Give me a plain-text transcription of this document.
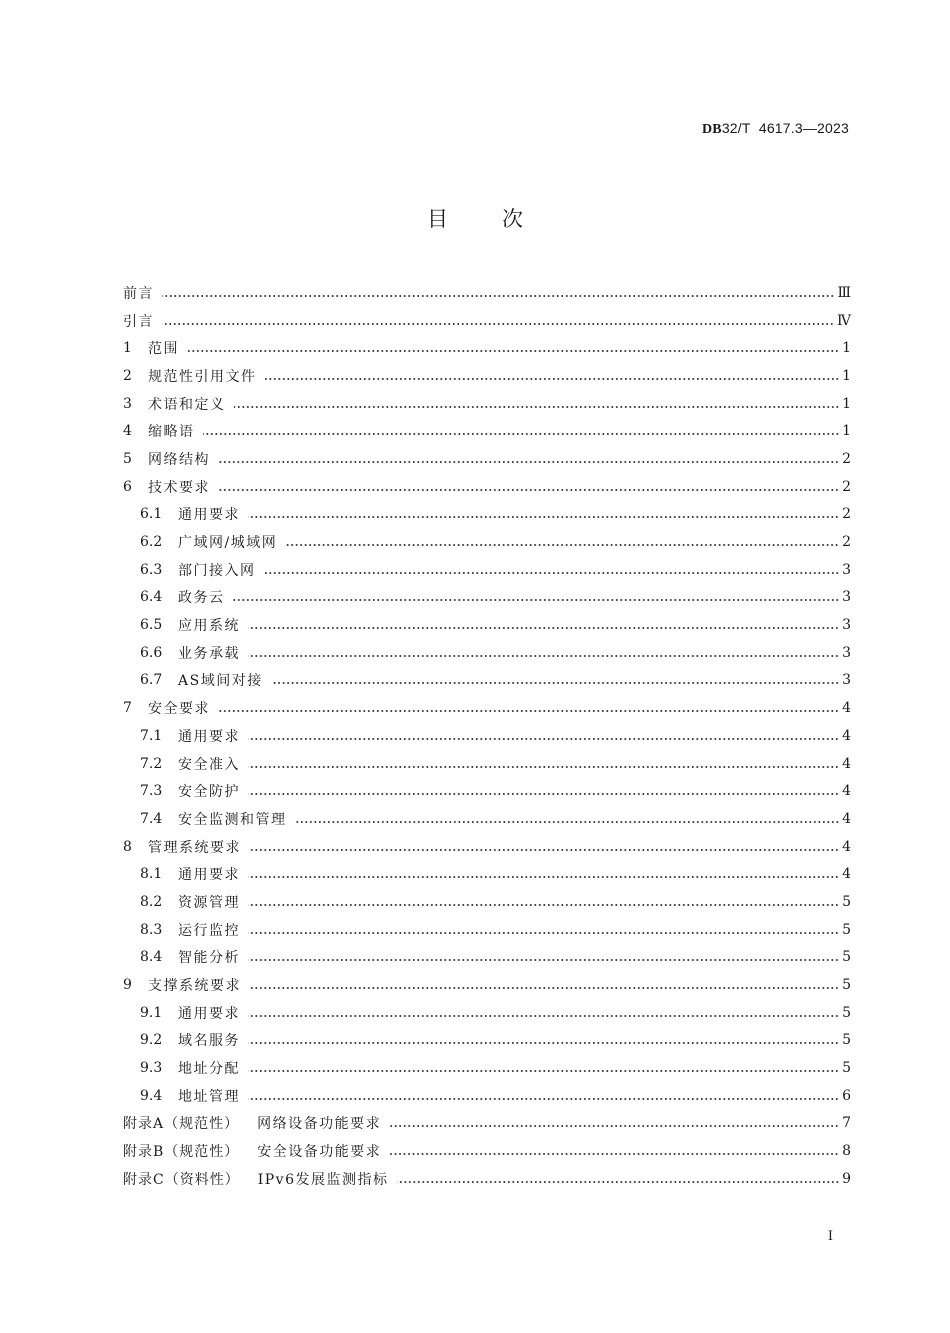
DB32/T 4617.3—2023
目次
前言	Ⅲ
引言	Ⅳ
1	范围	1
2	规范性引用文件	1
3	术语和定义	1
4	缩略语	1
5	网络结构	2
6	技术要求	2
6.1	通用要求	2
6.2	广域网/城域网	2
6.3	部门接入网	3
6.4	政务云	3
6.5	应用系统	3
6.6	业务承载	3
6.7	AS域间对接	3
7	安全要求	4
7.1	通用要求	4
7.2	安全准入	4
7.3	安全防护	4
7.4	安全监测和管理	4
8	管理系统要求	4
8.1	通用要求	4
8.2	资源管理	5
8.3	运行监控	5
8.4	智能分析	5
9	支撑系统要求	5
9.1	通用要求	5
9.2	域名服务	5
9.3	地址分配	5
9.4	地址管理	6
附录A（规范性） 网络设备功能要求	7
附录B（规范性） 安全设备功能要求	8
附录C（资料性） IPv6发展监测指标	9
I
